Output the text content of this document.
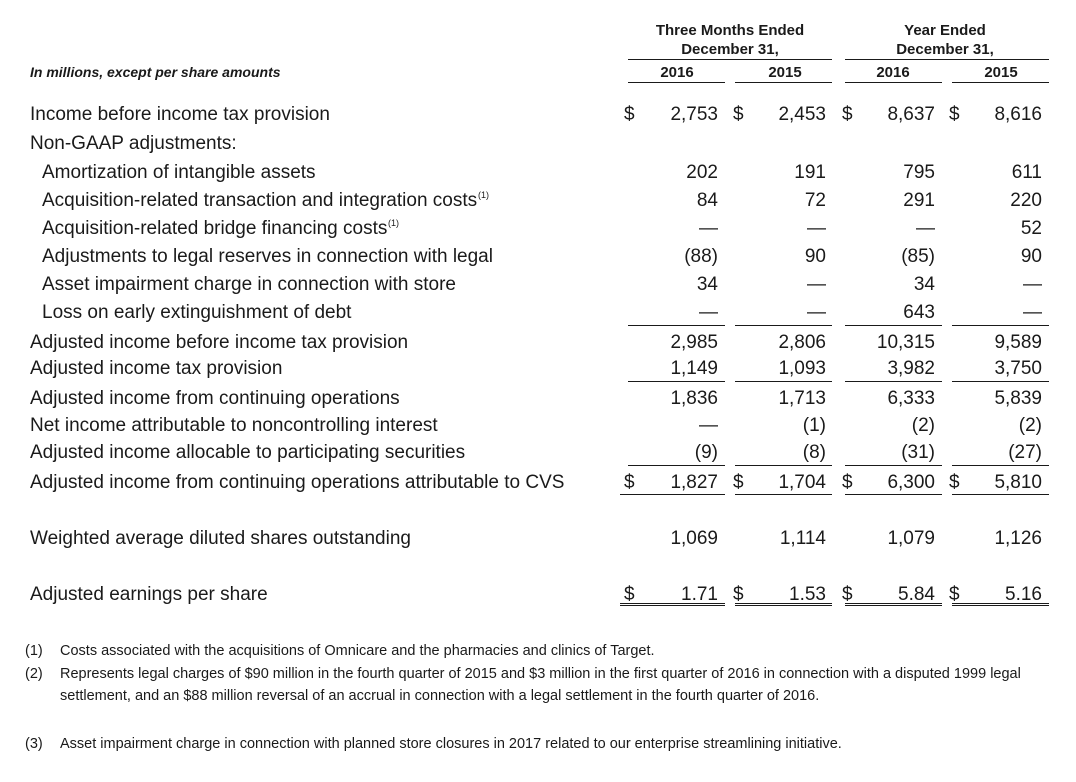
Three Months Ended
December 31,
Year Ended
December 31,
2016	2015	2016	2015
In millions, except per share amounts
Income before income tax provision	$ 2,753 $ 2,453 $ 8,637 $ 8,616
Non-GAAP adjustments:
Amortization of intangible assets	202	191	795	611
Acquisition-related transaction and integration costs (1)	84	72	291	220
Acquisition-related bridge financing costs (1)	—	—	—	52
Adjustments to legal reserves in connection with legal	(88)	90	(85)	90
Asset impairment charge in connection with store	34	—	34	—
Loss on early extinguishment of debt	—	—	643	—
Adjusted income before income tax provision	2,985	2,806	10,315	9,589
Adjusted income tax provision	1,149	1,093	3,982	3,750
Adjusted income from continuing operations	1,836	1,713	6,333	5,839
Net income attributable to noncontrolling interest	—	(1)	(2)	(2)
Adjusted income allocable to participating securities	(9)	(8)	(31)	(27)
Adjusted income from continuing operations attributable to CVS	$ 1,827 $ 1,704 $ 6,300 $ 5,810
Weighted average diluted shares outstanding	1,069	1,114	1,079	1,126
Adjusted earnings per share	$ 1.71 $ 1.53 $ 5.84 $ 5.16
(1) Costs associated with the acquisitions of Omnicare and the pharmacies and clinics of Target.
(2) Represents legal charges of $90 million in the fourth quarter of 2015 and $3 million in the first quarter of 2016 in connection with a disputed 1999 legal settlement, and an $88 million reversal of an accrual in connection with a legal settlement in the fourth quarter of 2016.
(3) Asset impairment charge in connection with planned store closures in 2017 related to our enterprise streamlining initiative.
